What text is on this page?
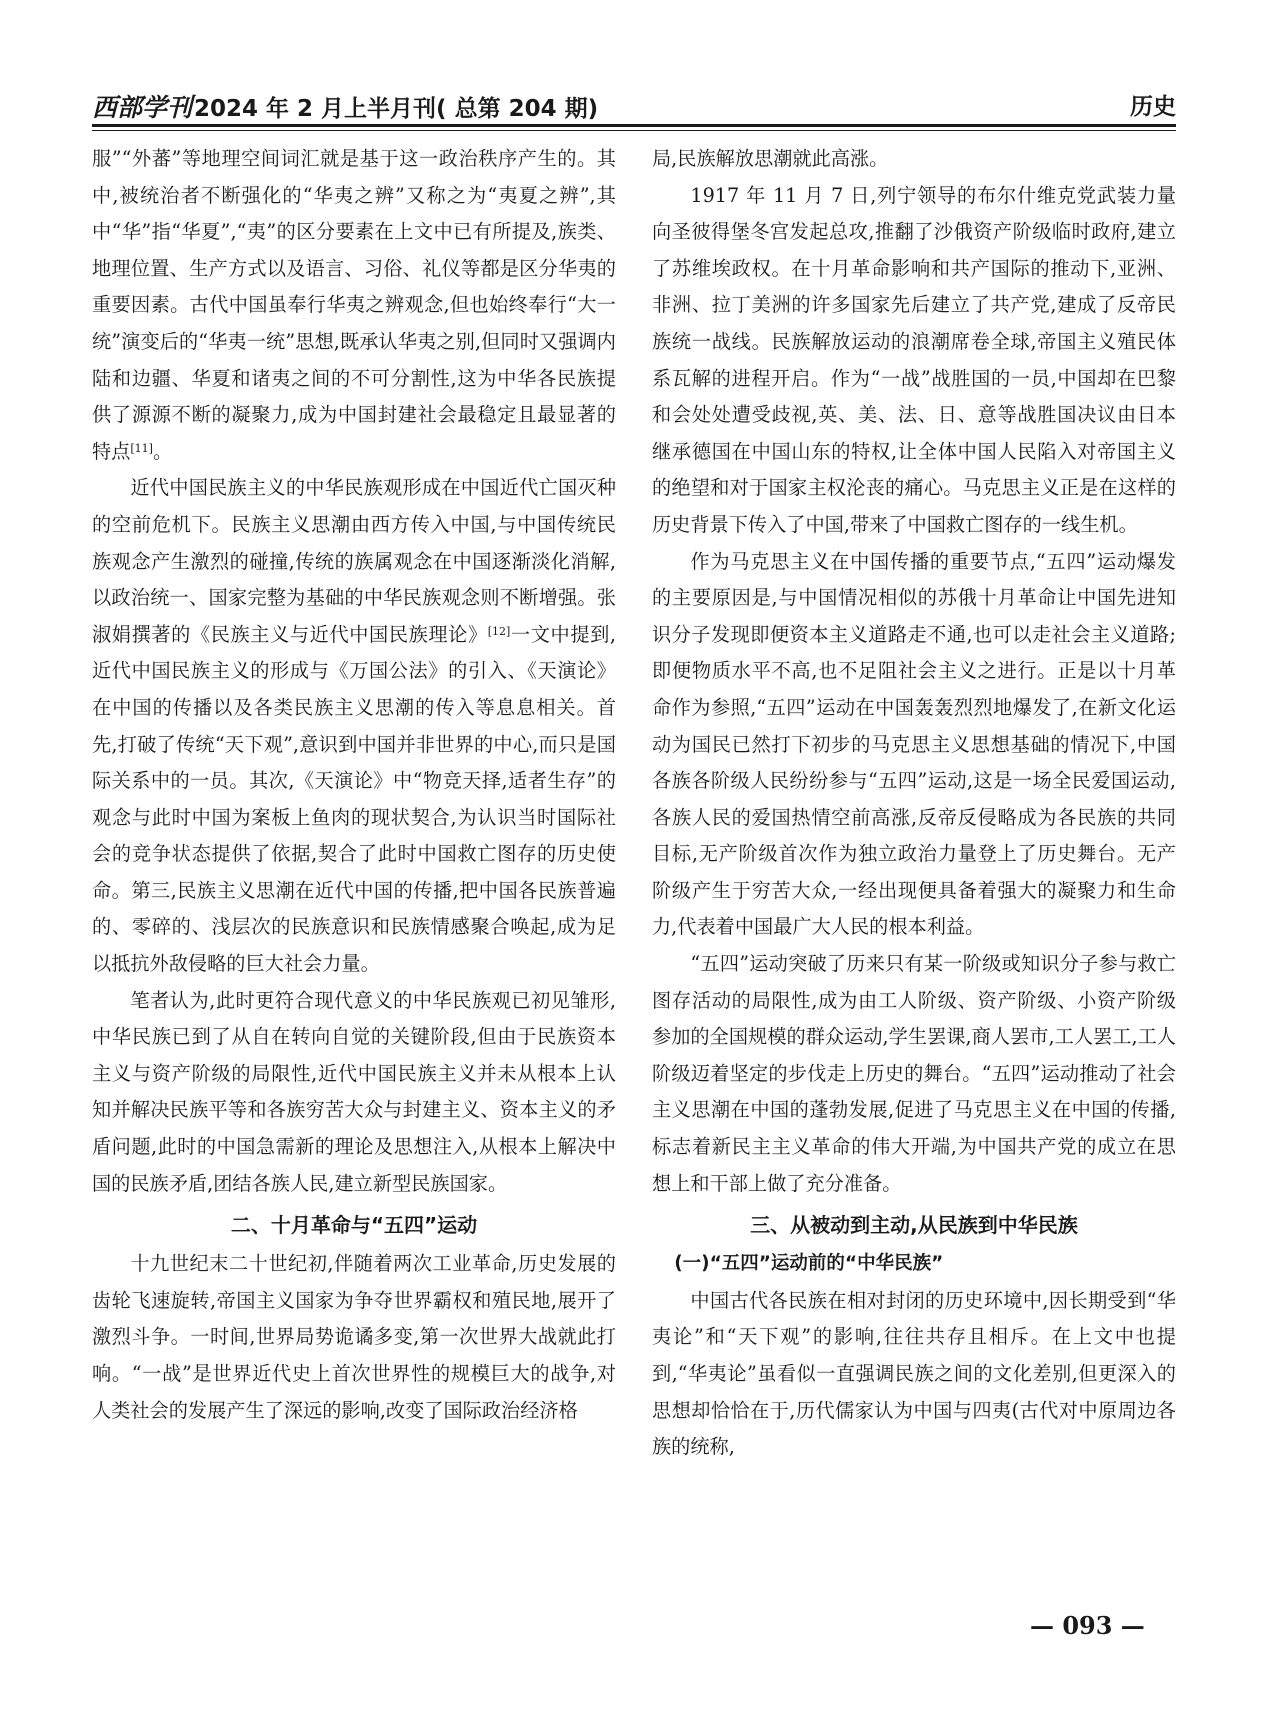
西部学刊2024 年 2 月上半月刊( 总第 204 期)	历史

服”“外蕃”等地理空间词汇就是基于这一政治秩序产生的。其中,被统治者不断强化的“华夷之辨”又称之为“夷夏之辨”,其中“华”指“华夏”,“夷”的区分要素在上文中已有所提及,族类、地理位置、生产方式以及语言、习俗、礼仪等都是区分华夷的重要因素。古代中国虽奉行华夷之辨观念,但也始终奉行“大一统”演变后的“华夷一统”思想,既承认华夷之别,但同时又强调内陆和边疆、华夏和诸夷之间的不可分割性,这为中华各民族提供了源源不断的凝聚力,成为中国封建社会最稳定且最显著的特点[11]。

近代中国民族主义的中华民族观形成在中国近代亡国灭种的空前危机下。民族主义思潮由西方传入中国,与中国传统民族观念产生激烈的碰撞,传统的族属观念在中国逐渐淡化消解,以政治统一、国家完整为基础的中华民族观念则不断增强。张淑娟撰著的《民族主义与近代中国民族理论》[12]一文中提到,近代中国民族主义的形成与《万国公法》的引入、《天演论》在中国的传播以及各类民族主义思潮的传入等息息相关。首先,打破了传统“天下观”,意识到中国并非世界的中心,而只是国际关系中的一员。其次,《天演论》中“物竞天择,适者生存”的观念与此时中国为案板上鱼肉的现状契合,为认识当时国际社会的竞争状态提供了依据,契合了此时中国救亡图存的历史使命。第三,民族主义思潮在近代中国的传播,把中国各民族普遍的、零碎的、浅层次的民族意识和民族情感聚合唤起,成为足以抵抗外敌侵略的巨大社会力量。

笔者认为,此时更符合现代意义的中华民族观已初见雏形,中华民族已到了从自在转向自觉的关键阶段,但由于民族资本主义与资产阶级的局限性,近代中国民族主义并未从根本上认知并解决民族平等和各族穷苦大众与封建主义、资本主义的矛盾问题,此时的中国急需新的理论及思想注入,从根本上解决中国的民族矛盾,团结各族人民,建立新型民族国家。

二、十月革命与“五四”运动

十九世纪末二十世纪初,伴随着两次工业革命,历史发展的齿轮飞速旋转,帝国主义国家为争夺世界霸权和殖民地,展开了激烈斗争。一时间,世界局势诡谲多变,第一次世界大战就此打响。“一战”是世界近代史上首次世界性的规模巨大的战争,对人类社会的发展产生了深远的影响,改变了国际政治经济格

局,民族解放思潮就此高涨。

1917 年 11 月 7 日,列宁领导的布尔什维克党武装力量向圣彼得堡冬宫发起总攻,推翻了沙俄资产阶级临时政府,建立了苏维埃政权。在十月革命影响和共产国际的推动下,亚洲、非洲、拉丁美洲的许多国家先后建立了共产党,建成了反帝民族统一战线。民族解放运动的浪潮席卷全球,帝国主义殖民体系瓦解的进程开启。作为“一战”战胜国的一员,中国却在巴黎和会处处遭受歧视,英、美、法、日、意等战胜国决议由日本继承德国在中国山东的特权,让全体中国人民陷入对帝国主义的绝望和对于国家主权沦丧的痛心。马克思主义正是在这样的历史背景下传入了中国,带来了中国救亡图存的一线生机。

作为马克思主义在中国传播的重要节点,“五四”运动爆发的主要原因是,与中国情况相似的苏俄十月革命让中国先进知识分子发现即便资本主义道路走不通,也可以走社会主义道路;即便物质水平不高,也不足阻社会主义之进行。正是以十月革命作为参照,“五四”运动在中国轰轰烈烈地爆发了,在新文化运动为国民已然打下初步的马克思主义思想基础的情况下,中国各族各阶级人民纷纷参与“五四”运动,这是一场全民爱国运动,各族人民的爱国热情空前高涨,反帝反侵略成为各民族的共同目标,无产阶级首次作为独立政治力量登上了历史舞台。无产阶级产生于穷苦大众,一经出现便具备着强大的凝聚力和生命力,代表着中国最广大人民的根本利益。

“五四”运动突破了历来只有某一阶级或知识分子参与救亡图存活动的局限性,成为由工人阶级、资产阶级、小资产阶级参加的全国规模的群众运动,学生罢课,商人罢市,工人罢工,工人阶级迈着坚定的步伐走上历史的舞台。“五四”运动推动了社会主义思潮在中国的蓬勃发展,促进了马克思主义在中国的传播,标志着新民主主义革命的伟大开端,为中国共产党的成立在思想上和干部上做了充分准备。

三、从被动到主动,从民族到中华民族
(一)“五四”运动前的“中华民族”

中国古代各民族在相对封闭的历史环境中,因长期受到“华夷论”和“天下观”的影响,往往共存且相斥。在上文中也提到,“华夷论”虽看似一直强调民族之间的文化差别,但更深入的思想却恰恰在于,历代儒家认为中国与四夷(古代对中原周边各族的统称,

— 093 —
